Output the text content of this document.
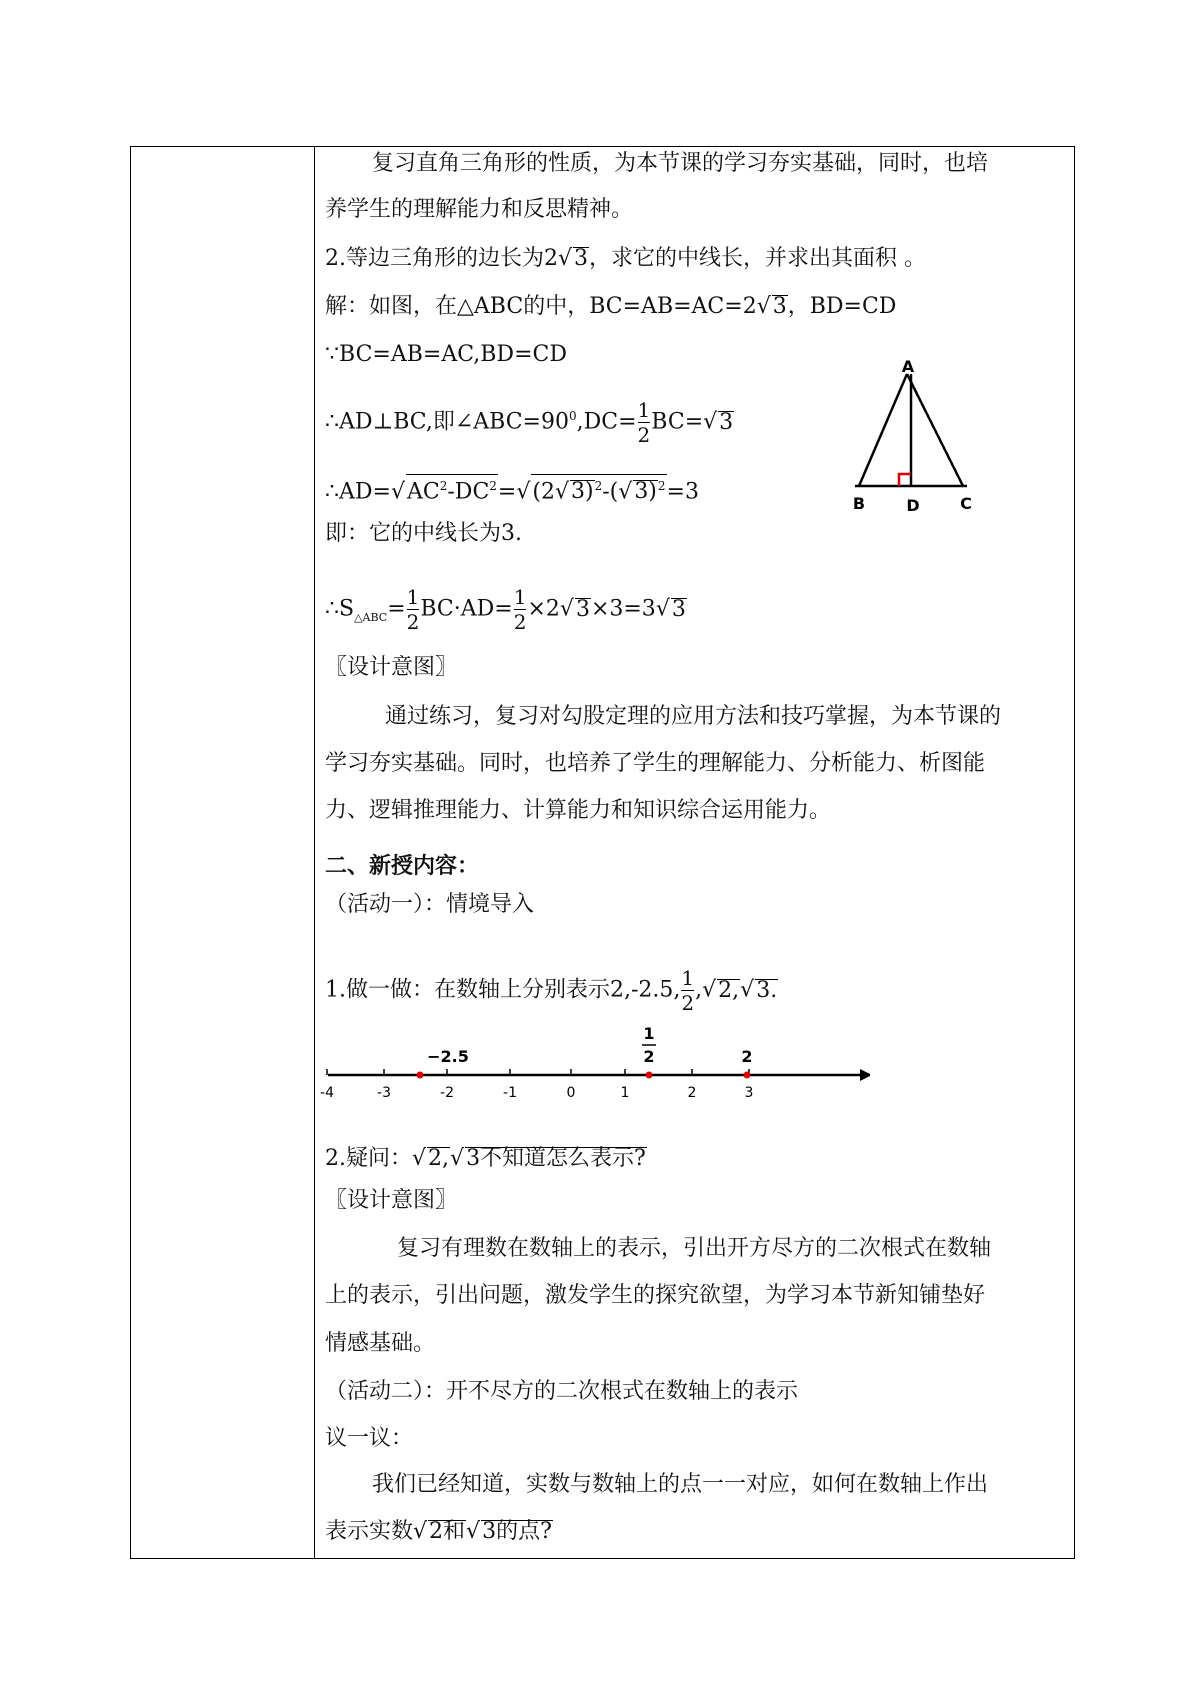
复习直角三角形的性质，为本节课的学习夯实基础，同时，也培
养学生的理解能力和反思精神。
2.等边三角形的边长为2√3，求它的中线长，并求出其面积 。
解：如图，在△ABC的中，BC=AB=AC=2√3，BD=CD
∵BC=AB=AC,BD=CD
∴AD⊥BC,即$\angle ABC=90^0,DC= \frac{1}{2} BC=√3$
$\therefore AD=√AC^2-DC^2=√(2√3)^2-(√3)^2=3$
即：它的中线长为3.
$\therefore S_{\triangle ABC}= \frac{1}{2} BC\cdot AD= \frac{1}{2} \times 2√3\times 3=3√3$
〖设计意图〗
通过练习，复习对勾股定理的应用方法和技巧掌握，为本节课的
学习夯实基础。同时，也培养了学生的理解能力、分析能力、析图能
力、逻辑推理能力、计算能力和知识综合运用能力。
二、新授内容：
（活动一）：情境导入
1.做一做：在数轴上分别表示2,-2.5, $\frac{1}{2} ,√2,√3$.
-4	-3	-2	-1	0	1	2	3
−2.5
1
2	2
2.疑问：√2,√3不知道怎么表示?
〖设计意图〗
复习有理数在数轴上的表示，引出开方尽方的二次根式在数轴
上的表示，引出问题，激发学生的探究欲望，为学习本节新知铺垫好
情感基础。
（活动二）：开不尽方的二次根式在数轴上的表示
议一议：
我们已经知道，实数与数轴上的点一一对应，如何在数轴上作出
表示实数√2和√3的点?
A
B	D	C
